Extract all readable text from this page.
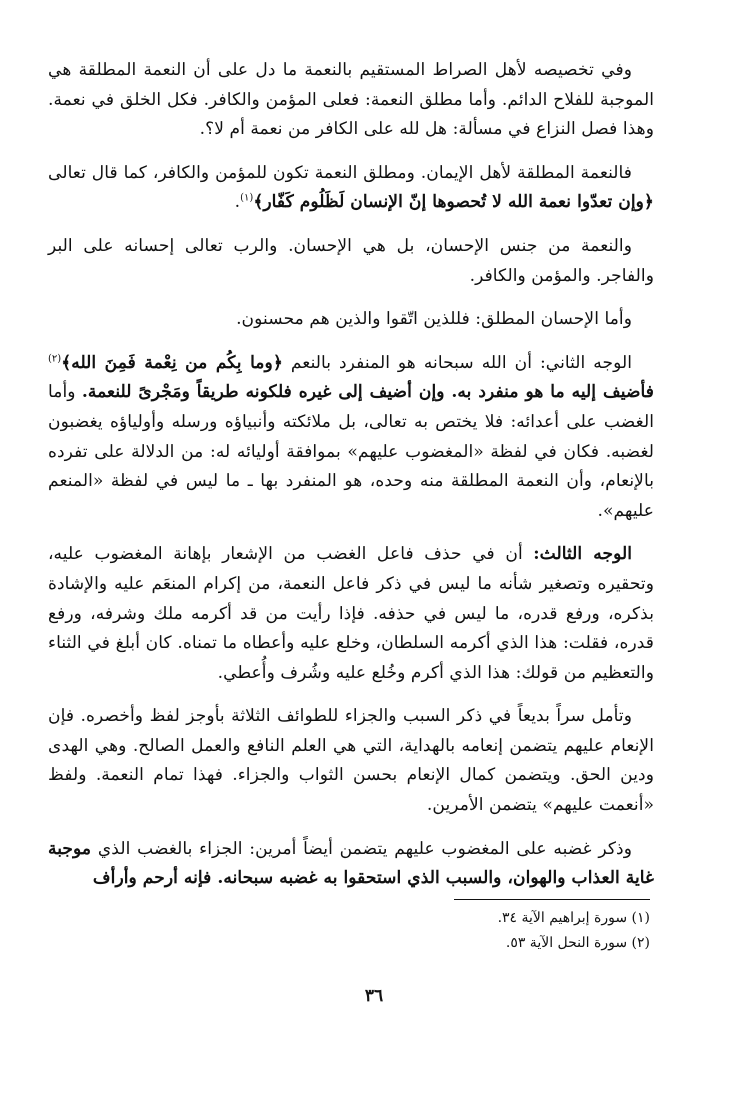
وفي تخصيصه لأهل الصراط المستقيم بالنعمة ما دل على أن النعمة المطلقة هي الموجبة للفلاح الدائم. وأما مطلق النعمة: فعلى المؤمن والكافر. فكل الخلق في نعمة. وهذا فصل النزاع في مسألة: هل لله على الكافر من نعمة أم لا؟.

فالنعمة المطلقة لأهل الإيمان. ومطلق النعمة تكون للمؤمن والكافر، كما قال تعالى ﴿وإن تعدّوا نعمة الله لا تُحصوها إنّ الإنسان لَظَلُوم كَفّار﴾$^{(١)}$.

والنعمة من جنس الإحسان، بل هي الإحسان. والرب تعالى إحسانه على البر والفاجر. والمؤمن والكافر.

وأما الإحسان المطلق: فللذين اتّقوا والذين هم محسنون.

الوجه الثاني: أن الله سبحانه هو المنفرد بالنعم ﴿وما بِكُم من نِعْمة فَمِنَ الله﴾$^{(٢)}$ فأضيف إليه ما هو منفرد به. وإن أضيف إلى غيره فلكونه طريقاً ومَجْرىً للنعمة. وأما الغضب على أعدائه: فلا يختص به تعالى، بل ملائكته وأنبياؤه ورسله وأولياؤه يغضبون لغضبه. فكان في لفظة «المغضوب عليهم» بموافقة أوليائه له: من الدلالة على تفرده بالإنعام، وأن النعمة المطلقة منه وحده، هو المنفرد بها ـ ما ليس في لفظة «المنعم عليهم».

الوجه الثالث: أن في حذف فاعل الغضب من الإشعار بإهانة المغضوب عليه، وتحقيره وتصغير شأنه ما ليس في ذكر فاعل النعمة، من إكرام المنعَم عليه والإشادة بذكره، ورفع قدره، ما ليس في حذفه. فإذا رأيت من قد أكرمه ملك وشرفه، ورفع قدره، فقلت: هذا الذي أكرمه السلطان، وخلع عليه وأعطاه ما تمناه. كان أبلغ في الثناء والتعظيم من قولك: هذا الذي أكرم وخُلع عليه وشُرف وأُعطي.

وتأمل سراً بديعاً في ذكر السبب والجزاء للطوائف الثلاثة بأوجز لفظ وأخصره. فإن الإنعام عليهم يتضمن إنعامه بالهداية، التي هي العلم النافع والعمل الصالح. وهي الهدى ودين الحق. ويتضمن كمال الإنعام بحسن الثواب والجزاء. فهذا تمام النعمة. ولفظ «أنعمت عليهم» يتضمن الأمرين.

وذكر غضبه على المغضوب عليهم يتضمن أيضاً أمرين: الجزاء بالغضب الذي موجبة غاية العذاب والهوان، والسبب الذي استحقوا به غضبه سبحانه. فإنه أرحم وأرأف

(١) سورة إبراهيم الآية ٣٤.
(٢) سورة النحل الآية ٥٣.
٣٦
